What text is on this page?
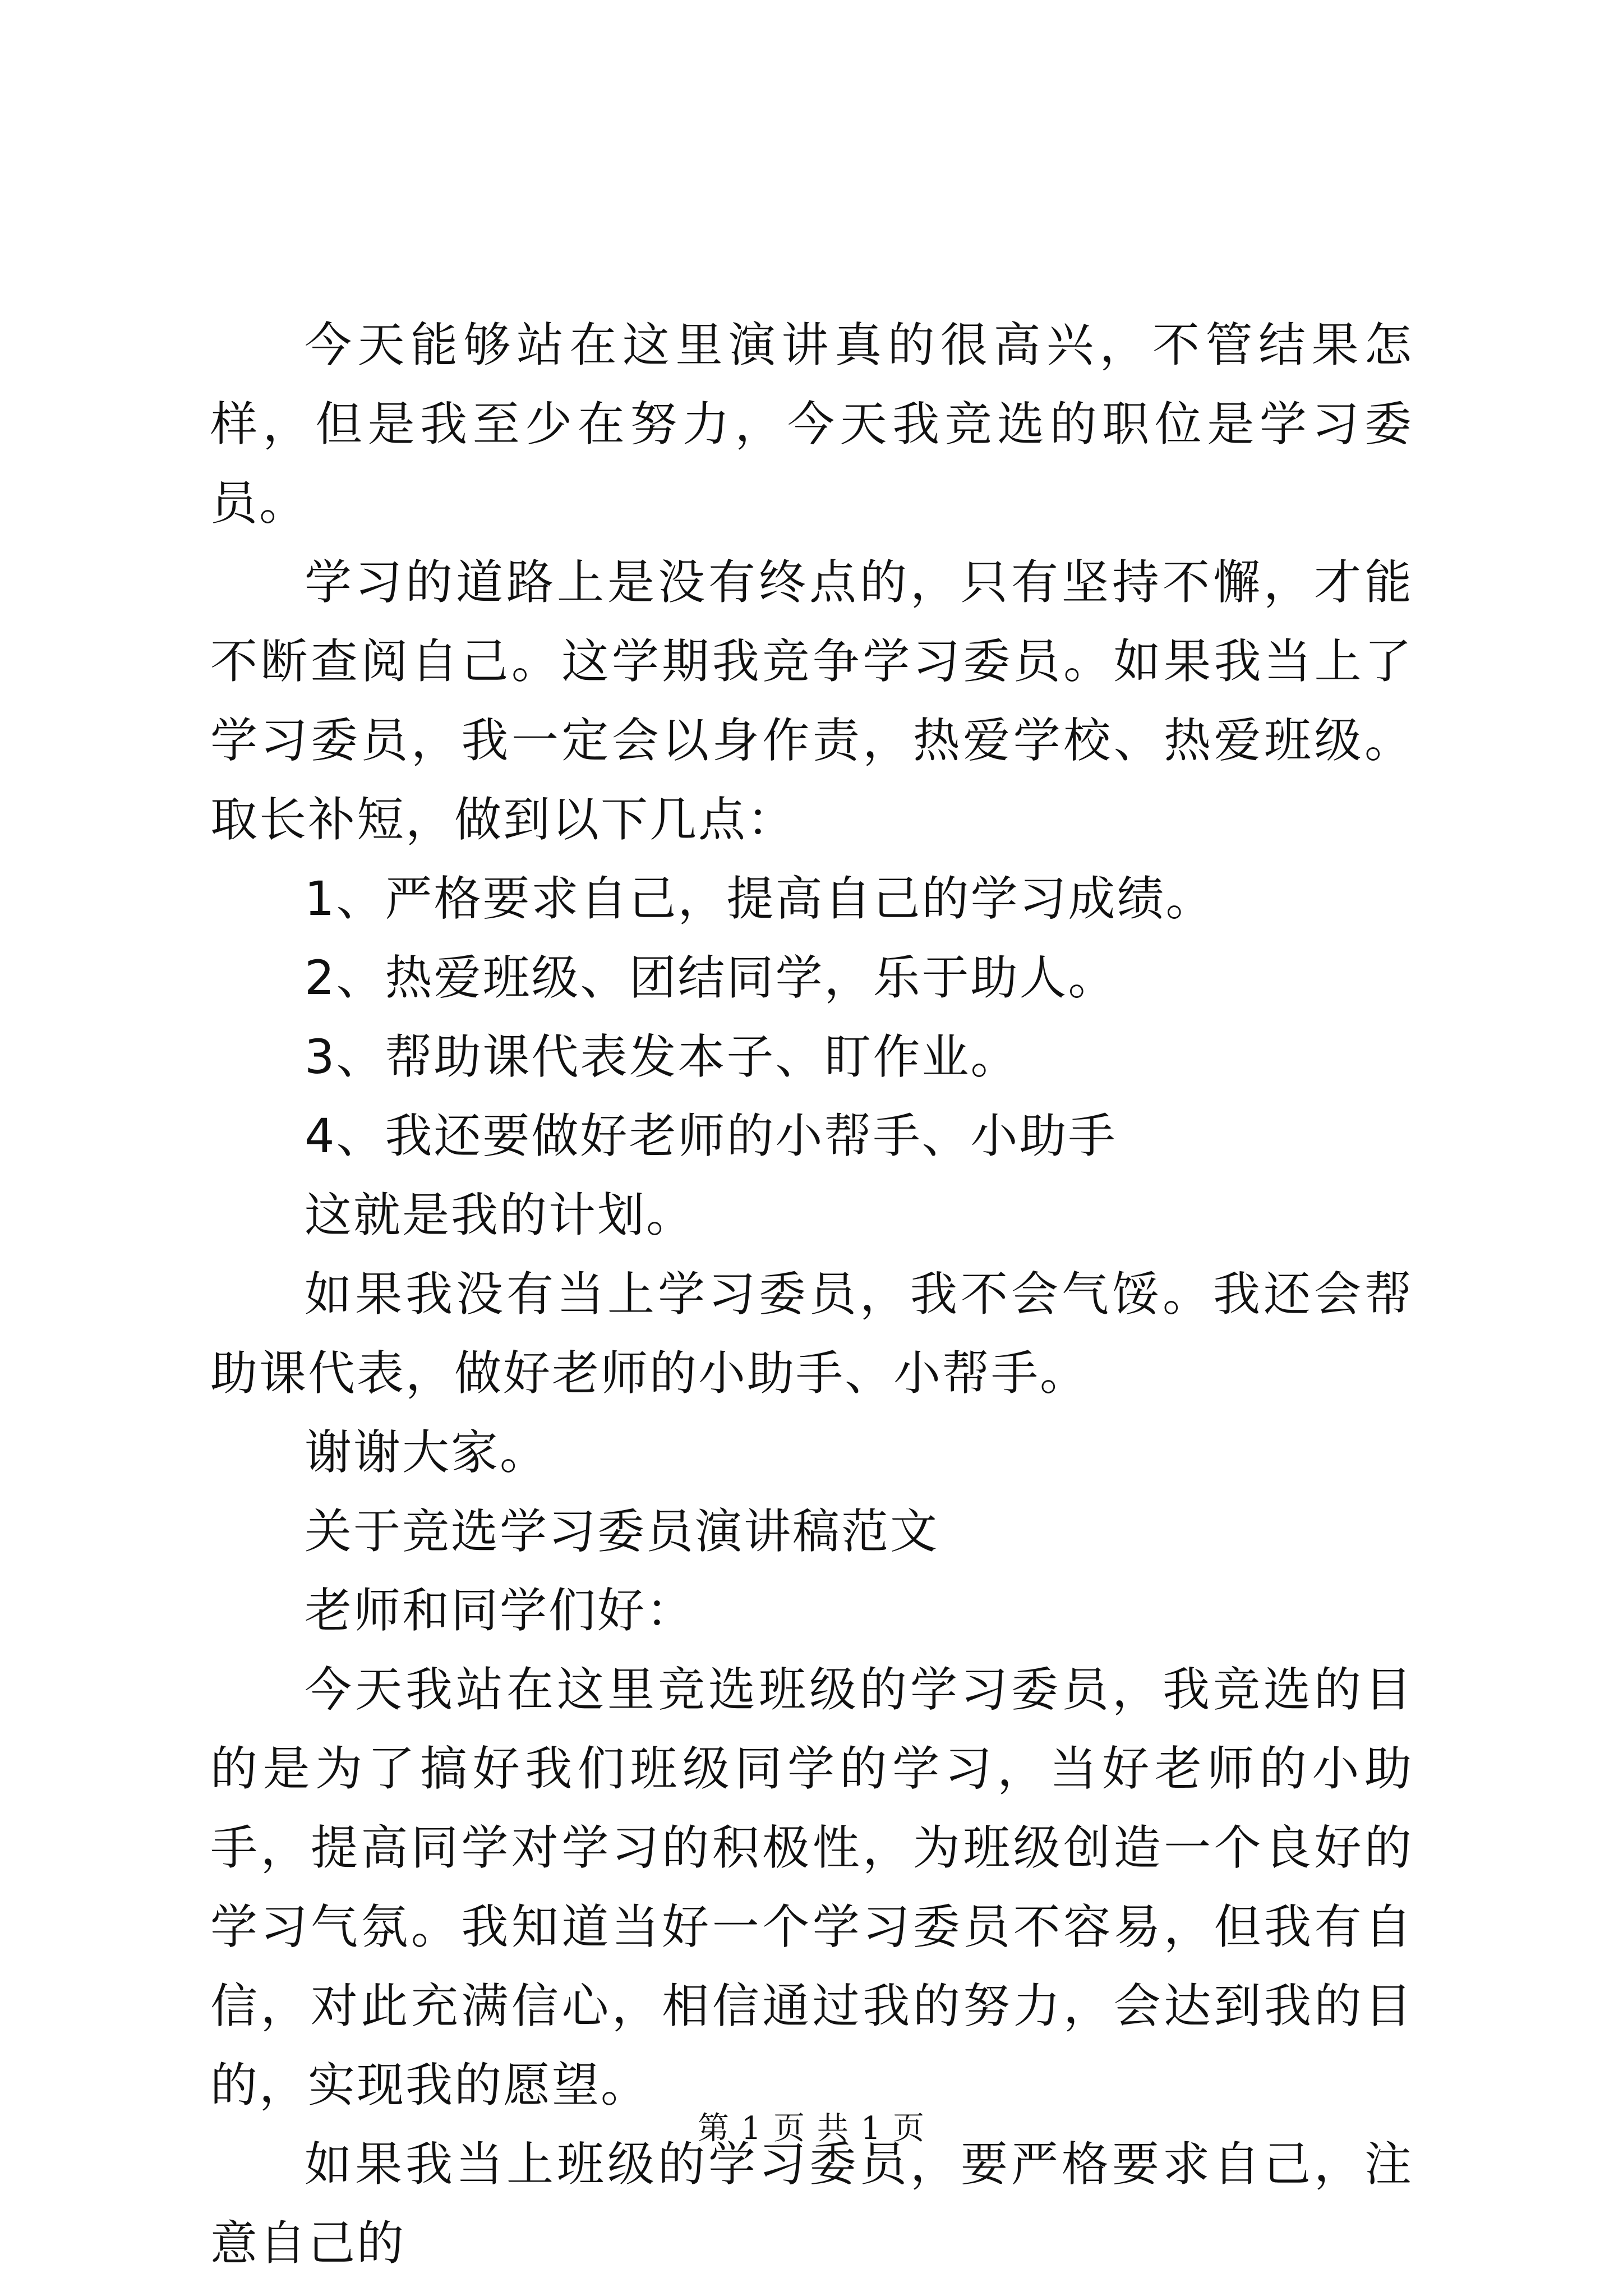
今天能够站在这里演讲真的很高兴，不管结果怎样，但是我至少在努力，今天我竞选的职位是学习委员。

学习的道路上是没有终点的，只有坚持不懈，才能不断查阅自己。这学期我竞争学习委员。如果我当上了学习委员，我一定会以身作责，热爱学校、热爱班级。取长补短，做到以下几点：

1、严格要求自己，提高自己的学习成绩。

2、热爱班级、团结同学，乐于助人。

3、帮助课代表发本子、盯作业。

4、我还要做好老师的小帮手、小助手

这就是我的计划。

如果我没有当上学习委员，我不会气馁。我还会帮助课代表，做好老师的小助手、小帮手。

谢谢大家。

关于竞选学习委员演讲稿范文

老师和同学们好：

今天我站在这里竞选班级的学习委员，我竞选的目的是为了搞好我们班级同学的学习，当好老师的小助手，提高同学对学习的积极性，为班级创造一个良好的学习气氛。我知道当好一个学习委员不容易，但我有自信，对此充满信心，相信通过我的努力，会达到我的目的，实现我的愿望。

如果我当上班级的学习委员，要严格要求自己，注意自己的

第 1 页 共 1 页
